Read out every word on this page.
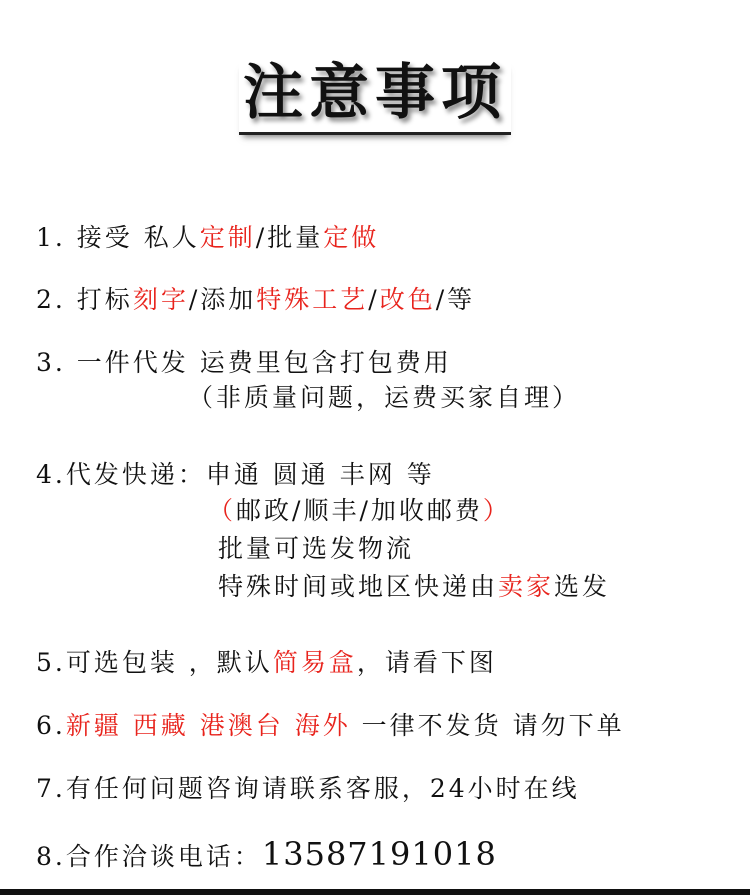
注意事项
1. 接受 私人定制/批量定做
2. 打标刻字/添加特殊工艺/改色/等
3. 一件代发 运费里包含打包费用
（非质量问题，运费买家自理）
4.代发快递：申通 圆通 丰网 等
（邮政/顺丰/加收邮费）
批量可选发物流
特殊时间或地区快递由卖家选发
5.可选包装 ，默认简易盒，请看下图
6.新疆 西藏 港澳台 海外 一律不发货 请勿下单
7.有任何问题咨询请联系客服，24小时在线
8.合作洽谈电话：13587191018
